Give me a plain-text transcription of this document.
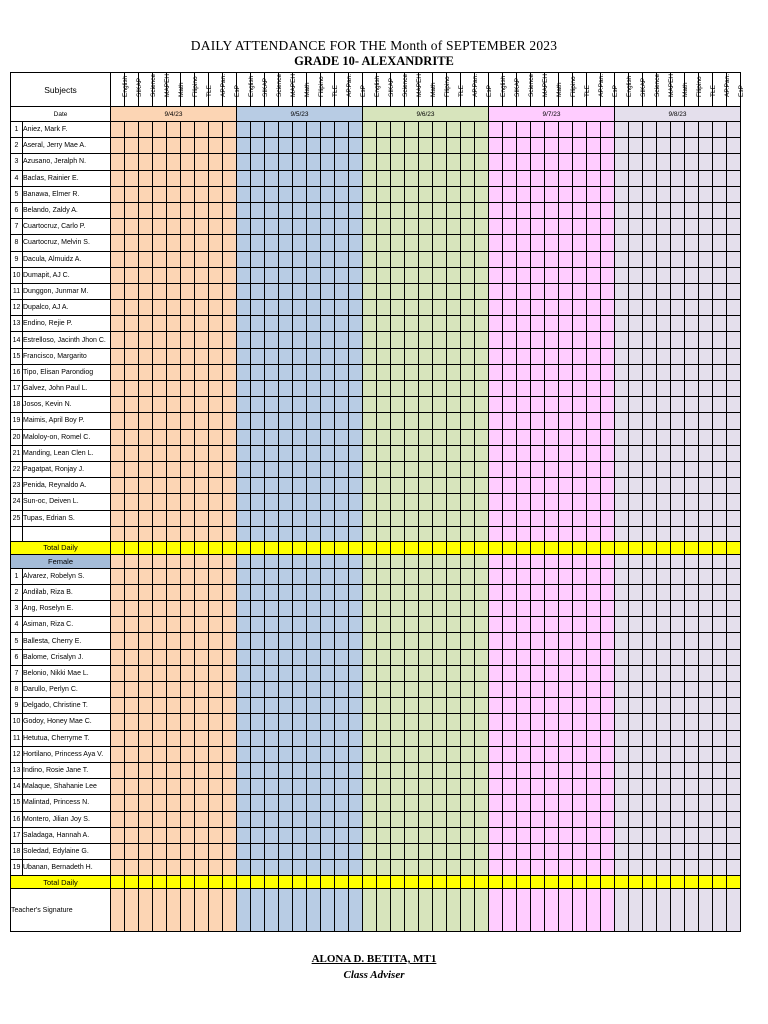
DAILY ATTENDANCE FOR THE Month of SEPTEMBER 2023
GRADE 10- ALEXANDRITE
Subjects		English	SIKAP	Science	MAPEH	Math	Filipino	TLE	AP.Pan.	EsP	English	SIKAP	Science	MAPEH	Math	Filipino	TLE	AP.Pan.	EsP	English	SIKAP	Science	MAPEH	Math	Filipino	TLE	AP.Pan.	EsP	English	SIKAP	Science	MAPEH	Math	Filipino	TLE	AP.Pan.	EsP	English	SIKAP	Science	MAPEH	Math	Filipino	TLE	AP.Pan.	EsP

Date		9/4/23									9/5/23									9/6/23									9/7/23									9/8/23								
1	Aniez, Mark F.																																													
2	Aseral, Jerry Mae A.																																													
3	Azusano, Jeralph N.																																													
4	Baclas, Rainier E.																																													
5	Banawa, Elmer R.																																													
6	Belando, Zaldy A.																																													
7	Cuartocruz, Carlo P.																																													
8	Cuartocruz, Melvin S.																																													
9	Dacula, Almuidz A.																																													
10	Dumapit, AJ C.																																													
11	Dunggon, Junmar M.																																													
12	Dupalco, AJ A.																																													
13	Endino, Rejie P.																																													
14	Estrelloso, Jacinth Jhon C.																																													
15	Francisco, Margarito																																													
16	Tipo, Elisan Parondiog																																													
17	Galvez, John Paul L.																																													
18	Josos, Kevin N.																																													
19	Maimis, April Boy P.																																													
20	Maloloy-on, Romel C.																																													
21	Manding, Lean Clen L.																																													
22	Pagatpat, Ronjay J.																																													
23	Penida, Reynaldo A.																																													
24	Sun-oc, Deiven L.																																													
25	Tupas, Edrian S.																																													

Total Daily																																														
Female																																														
1	Alvarez, Robelyn S.																																													
2	Andilab, Riza B.																																													
3	Ang, Roselyn E.																																													
4	Asiman, Riza C.																																													
5	Ballesta, Cherry E.																																													
6	Balome, Crisalyn J.																																													
7	Belonio, Nikki Mae L.																																													
8	Darullo, Perlyn C.																																													
9	Delgado, Christine T.																																													
10	Godoy, Honey Mae C.																																													
11	Hetutua, Cherryme T.																																													
12	Hortilano, Princess Aya V.																																													
13	Indino, Rosie Jane T.																																													
14	Malaque, Shahanie Lee																																													
15	Malintad, Princess N.																																													
16	Montero, Jilian Joy S.																																													
17	Saladaga, Hannah A.																																													
18	Soledad, Edylaine G.																																													
19	Ubanan, Bernadeth H.																																													
Total Daily																																														
Teacher's Signature																																														
ALONA D. BETITA, MT1
Class Adviser
